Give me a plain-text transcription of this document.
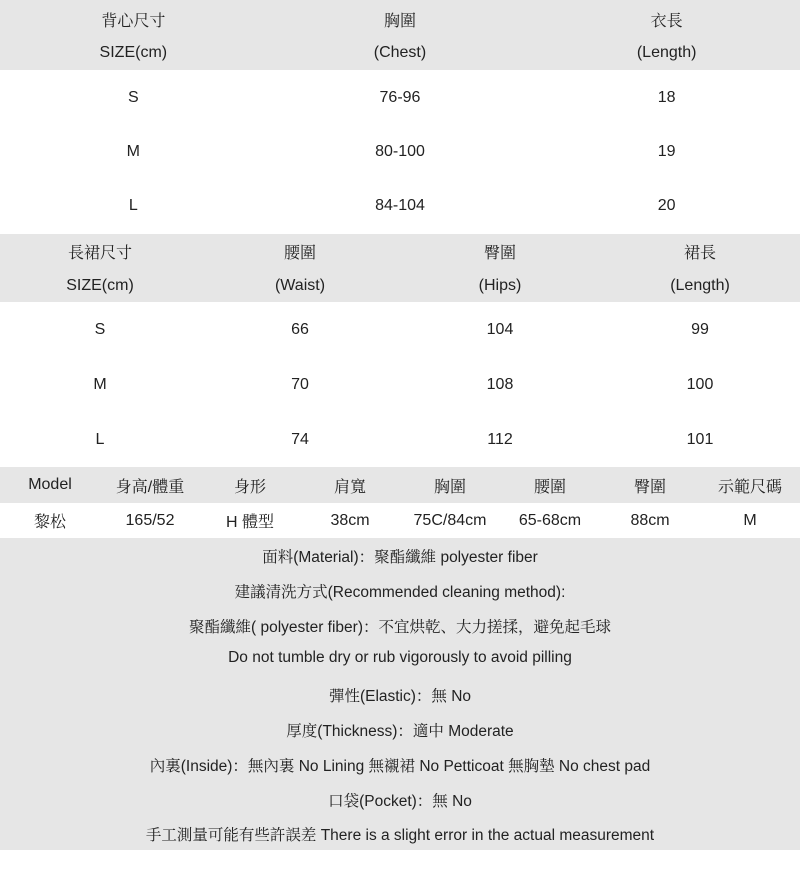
背心尺寸	胸圍	衣長
SIZE(cm)	(Chest)	(Length)
S	76-96	18
M	80-100	19
L	84-104	20
長裙尺寸	腰圍	臀圍	裙長
SIZE(cm)	(Waist)	(Hips)	(Length)
S	66	104	99
M	70	108	100
L	74	112	101
Model	身高/體重	身形	肩寬	胸圍	腰圍	臀圍	示範尺碼
黎松	165/52	H 體型	38cm	75C/84cm	65-68cm	88cm	M
面料(Material)：聚酯纖維 polyester fiber
建議清洗方式(Recommended cleaning method):
聚酯纖維( polyester fiber)：不宜烘乾、大力搓揉，避免起毛球
Do not tumble dry or rub vigorously to avoid pilling
彈性(Elastic)：無 No
厚度(Thickness)：適中 Moderate
內裏(Inside)：無內裏 No Lining 無襯裙 No Petticoat 無胸墊 No chest pad
口袋(Pocket)：無 No
手工測量可能有些許誤差 There is a slight error in the actual measurement
